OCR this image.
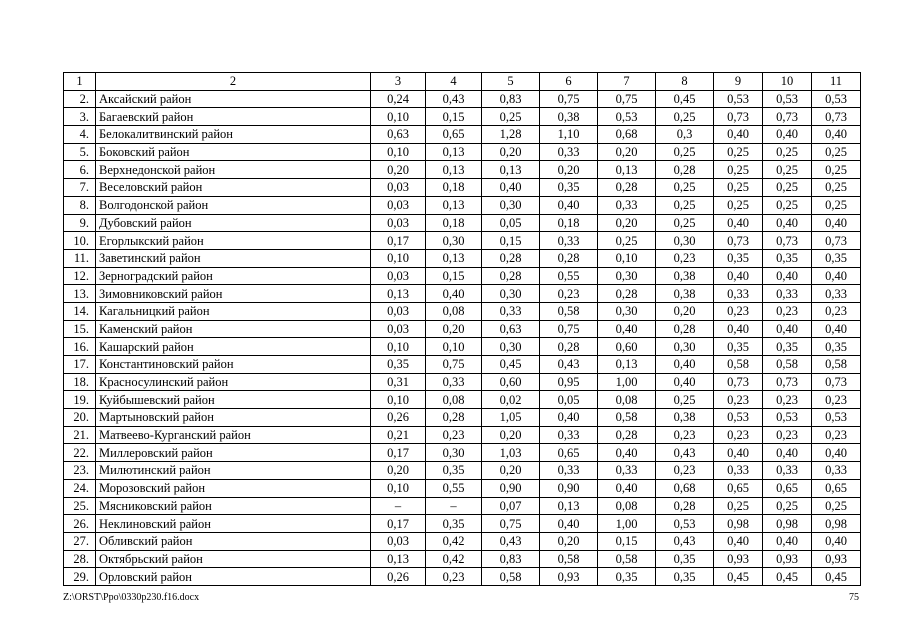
1	2	3	4	5	6	7	8	9	10	11
2.	Аксайский район	0,24	0,43	0,83	0,75	0,75	0,45	0,53	0,53	0,53
3.	Багаевский район	0,10	0,15	0,25	0,38	0,53	0,25	0,73	0,73	0,73
4.	Белокалитвинский район	0,63	0,65	1,28	1,10	0,68	0,3	0,40	0,40	0,40
5.	Боковский район	0,10	0,13	0,20	0,33	0,20	0,25	0,25	0,25	0,25
6.	Верхнедонской район	0,20	0,13	0,13	0,20	0,13	0,28	0,25	0,25	0,25
7.	Веселовский район	0,03	0,18	0,40	0,35	0,28	0,25	0,25	0,25	0,25
8.	Волгодонской район	0,03	0,13	0,30	0,40	0,33	0,25	0,25	0,25	0,25
9.	Дубовский район	0,03	0,18	0,05	0,18	0,20	0,25	0,40	0,40	0,40
10.	Егорлыкский район	0,17	0,30	0,15	0,33	0,25	0,30	0,73	0,73	0,73
11.	Заветинский район	0,10	0,13	0,28	0,28	0,10	0,23	0,35	0,35	0,35
12.	Зерноградский район	0,03	0,15	0,28	0,55	0,30	0,38	0,40	0,40	0,40
13.	Зимовниковский район	0,13	0,40	0,30	0,23	0,28	0,38	0,33	0,33	0,33
14.	Кагальницкий район	0,03	0,08	0,33	0,58	0,30	0,20	0,23	0,23	0,23
15.	Каменский район	0,03	0,20	0,63	0,75	0,40	0,28	0,40	0,40	0,40
16.	Кашарский район	0,10	0,10	0,30	0,28	0,60	0,30	0,35	0,35	0,35
17.	Константиновский район	0,35	0,75	0,45	0,43	0,13	0,40	0,58	0,58	0,58
18.	Красносулинский район	0,31	0,33	0,60	0,95	1,00	0,40	0,73	0,73	0,73
19.	Куйбышевский район	0,10	0,08	0,02	0,05	0,08	0,25	0,23	0,23	0,23
20.	Мартыновский район	0,26	0,28	1,05	0,40	0,58	0,38	0,53	0,53	0,53
21.	Матвеево-Курганский район	0,21	0,23	0,20	0,33	0,28	0,23	0,23	0,23	0,23
22.	Миллеровский район	0,17	0,30	1,03	0,65	0,40	0,43	0,40	0,40	0,40
23.	Милютинский район	0,20	0,35	0,20	0,33	0,33	0,23	0,33	0,33	0,33
24.	Морозовский район	0,10	0,55	0,90	0,90	0,40	0,68	0,65	0,65	0,65
25.	Мясниковский район	–	–	0,07	0,13	0,08	0,28	0,25	0,25	0,25
26.	Неклиновский район	0,17	0,35	0,75	0,40	1,00	0,53	0,98	0,98	0,98
27.	Обливский район	0,03	0,42	0,43	0,20	0,15	0,43	0,40	0,40	0,40
28.	Октябрьский район	0,13	0,42	0,83	0,58	0,58	0,35	0,93	0,93	0,93
29.	Орловский район	0,26	0,23	0,58	0,93	0,35	0,35	0,45	0,45	0,45
Z:\ORST\Ppo\0330p230.f16.docx	75
